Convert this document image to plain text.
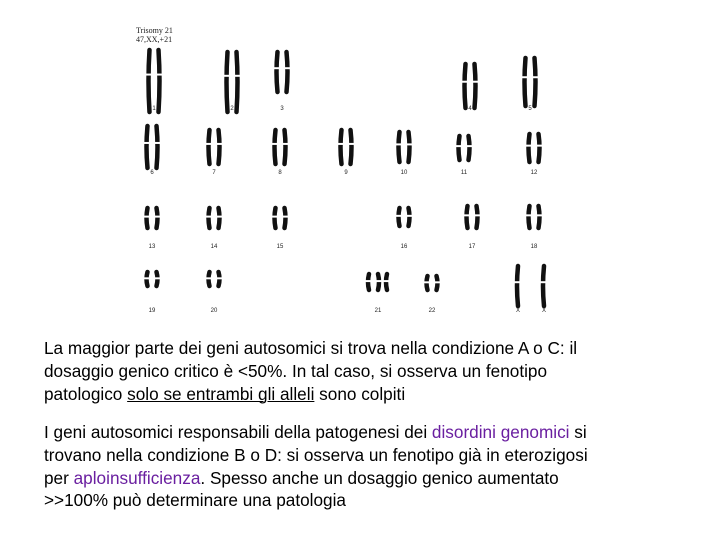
Trisomy 21
47,XX,+21
1	2	3	4	5
6	7	8	9	10	11	12
13	14	15	16	17	18
19	20	21	22	X	X
La maggior parte dei geni autosomici si trova nella condizione A o C: il
dosaggio genico critico è <50%. In tal caso, si osserva un fenotipo
patologico solo se entrambi gli alleli sono colpiti
I geni autosomici responsabili della patogenesi dei disordini genomici si
trovano nella condizione B o D: si osserva un fenotipo già in eterozigosi
per aploinsufficienza. Spesso anche un dosaggio genico aumentato
>>100% può determinare una patologia
